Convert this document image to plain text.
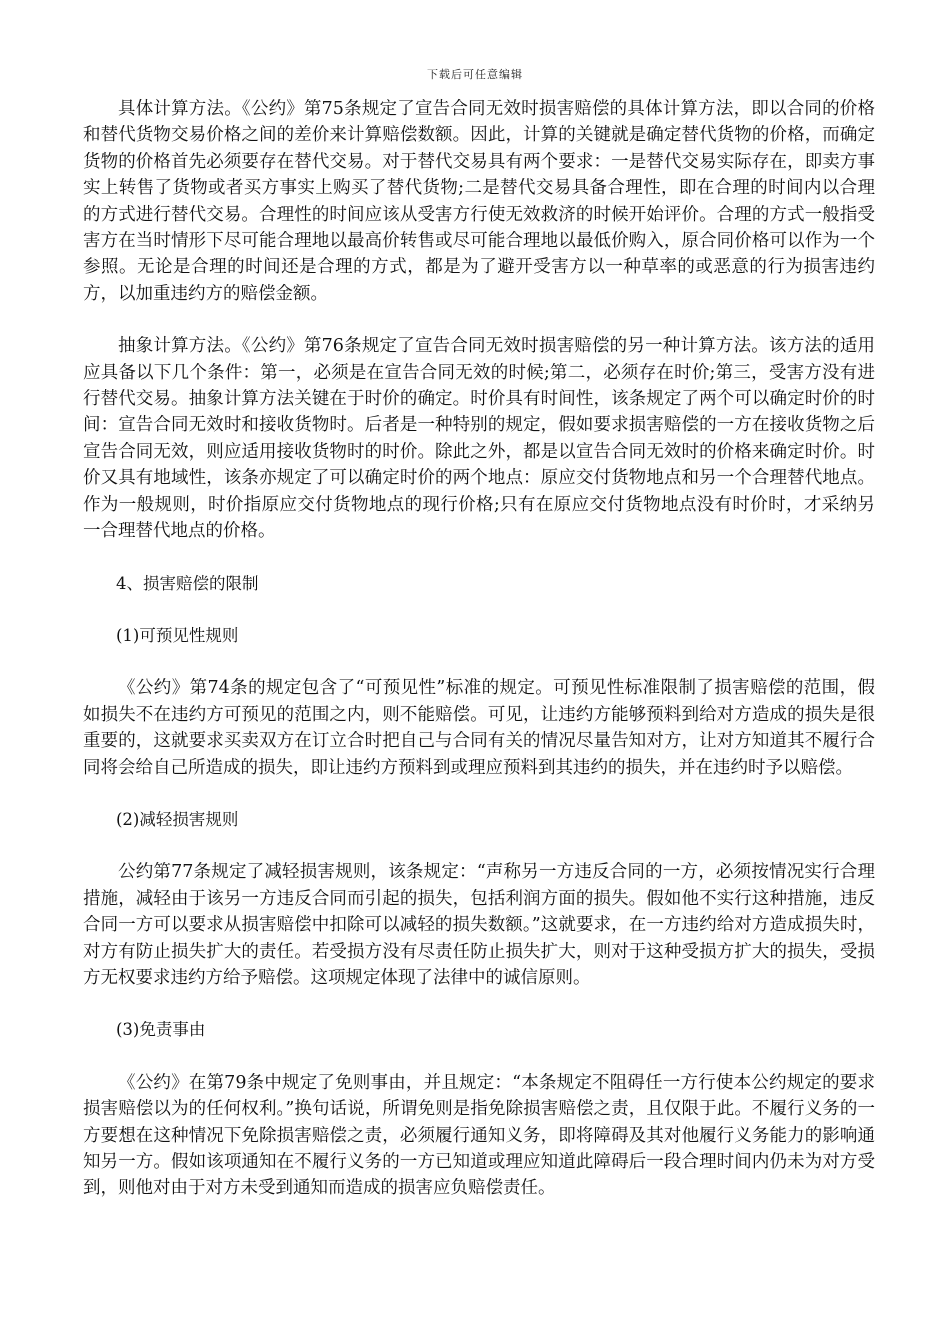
下载后可任意编辑

具体计算方法。《公约》第75条规定了宣告合同无效时损害赔偿的具体计算方法，即以合同的价格和替代货物交易价格之间的差价来计算赔偿数额。因此，计算的关键就是确定替代货物的价格，而确定货物的价格首先必须要存在替代交易。对于替代交易具有两个要求：一是替代交易实际存在，即卖方事实上转售了货物或者买方事实上购买了替代货物;二是替代交易具备合理性，即在合理的时间内以合理的方式进行替代交易。合理性的时间应该从受害方行使无效救济的时候开始评价。合理的方式一般指受害方在当时情形下尽可能合理地以最高价转售或尽可能合理地以最低价购入，原合同价格可以作为一个参照。无论是合理的时间还是合理的方式，都是为了避开受害方以一种草率的或恶意的行为损害违约方，以加重违约方的赔偿金额。

抽象计算方法。《公约》第76条规定了宣告合同无效时损害赔偿的另一种计算方法。该方法的适用应具备以下几个条件：第一，必须是在宣告合同无效的时候;第二，必须存在时价;第三，受害方没有进行替代交易。抽象计算方法关键在于时价的确定。时价具有时间性，该条规定了两个可以确定时价的时间：宣告合同无效时和接收货物时。后者是一种特别的规定，假如要求损害赔偿的一方在接收货物之后宣告合同无效，则应适用接收货物时的时价。除此之外，都是以宣告合同无效时的价格来确定时价。时价又具有地域性，该条亦规定了可以确定时价的两个地点：原应交付货物地点和另一个合理替代地点。作为一般规则，时价指原应交付货物地点的现行价格;只有在原应交付货物地点没有时价时，才采纳另一合理替代地点的价格。

4、损害赔偿的限制

(1)可预见性规则

《公约》第74条的规定包含了“可预见性”标准的规定。可预见性标准限制了损害赔偿的范围，假如损失不在违约方可预见的范围之内，则不能赔偿。可见，让违约方能够预料到给对方造成的损失是很重要的，这就要求买卖双方在订立合时把自己与合同有关的情况尽量告知对方，让对方知道其不履行合同将会给自己所造成的损失，即让违约方预料到或理应预料到其违约的损失，并在违约时予以赔偿。

(2)减轻损害规则

公约第77条规定了减轻损害规则，该条规定：“声称另一方违反合同的一方，必须按情况实行合理措施，减轻由于该另一方违反合同而引起的损失，包括利润方面的损失。假如他不实行这种措施，违反合同一方可以要求从损害赔偿中扣除可以减轻的损失数额。”这就要求，在一方违约给对方造成损失时，对方有防止损失扩大的责任。若受损方没有尽责任防止损失扩大，则对于这种受损方扩大的损失，受损方无权要求违约方给予赔偿。这项规定体现了法律中的诚信原则。

(3)免责事由

《公约》在第79条中规定了免则事由，并且规定：“本条规定不阻碍任一方行使本公约规定的要求损害赔偿以为的任何权利。”换句话说，所谓免则是指免除损害赔偿之责，且仅限于此。不履行义务的一方要想在这种情况下免除损害赔偿之责，必须履行通知义务，即将障碍及其对他履行义务能力的影响通知另一方。假如该项通知在不履行义务的一方已知道或理应知道此障碍后一段合理时间内仍未为对方受到，则他对由于对方未受到通知而造成的损害应负赔偿责任。
